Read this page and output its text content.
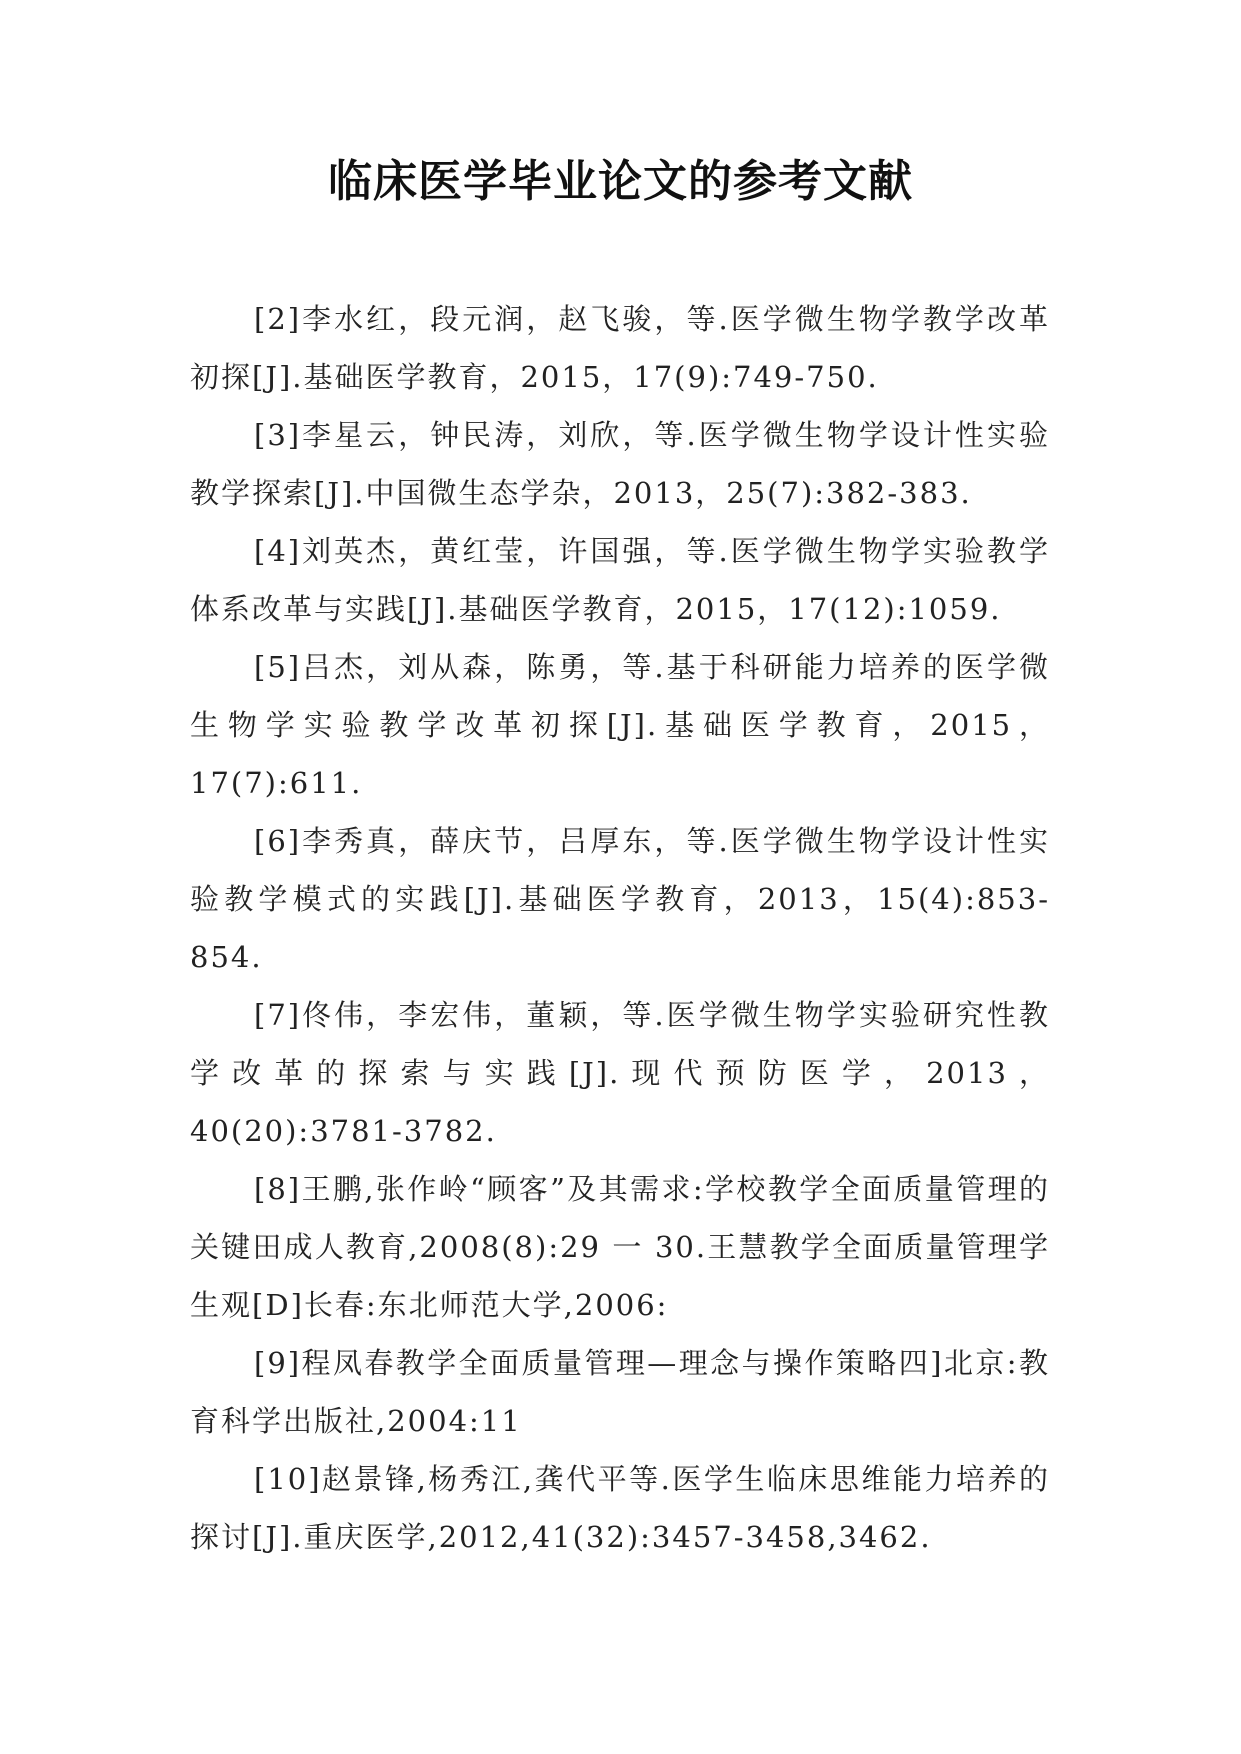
临床医学毕业论文的参考文献

[2]李水红，段元润，赵飞骏，等.医学微生物学教学改革初探[J].基础医学教育，2015，17(9):749-750.

[3]李星云，钟民涛，刘欣，等.医学微生物学设计性实验教学探索[J].中国微生态学杂，2013，25(7):382-383.

[4]刘英杰，黄红莹，许国强，等.医学微生物学实验教学体系改革与实践[J].基础医学教育，2015，17(12):1059.

[5]吕杰，刘从森，陈勇，等.基于科研能力培养的医学微生物学实验教学改革初探[J].基础医学教育，2015，17(7):611.

[6]李秀真，薛庆节，吕厚东，等.医学微生物学设计性实验教学模式的实践[J].基础医学教育，2013，15(4):853-854.

[7]佟伟，李宏伟，董颖，等.医学微生物学实验研究性教学改革的探索与实践[J].现代预防医学，2013，40(20):3781-3782.

[8]王鹏,张作岭“顾客”及其需求:学校教学全面质量管理的关键田成人教育,2008(8):29 一 30.王慧教学全面质量管理学生观[D]长春:东北师范大学,2006:

[9]程凤春教学全面质量管理—理念与操作策略四]北京:教育科学出版社,2004:11

[10]赵景锋,杨秀江,龚代平等.医学生临床思维能力培养的探讨[J].重庆医学,2012,41(32):3457-3458,3462.
